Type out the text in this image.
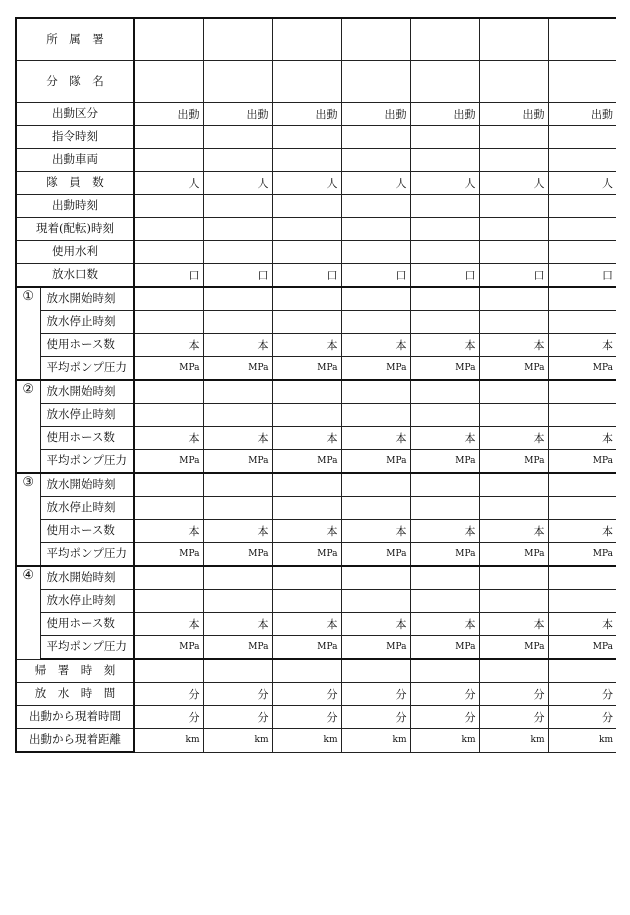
所　属　署								
分　隊　名								
出動区分		出動	出動	出動	出動	出動	出動	出動
指令時刻								
出動車両								
隊　員　数		人	人	人	人	人	人	人
出動時刻								
現着(配転)時刻								
使用水利								
放水口数		口	口	口	口	口	口	口
①	放水開始時刻							
	放水停止時刻							
	使用ホース数	本	本	本	本	本	本	本
	平均ポンプ圧力	MPa	MPa	MPa	MPa	MPa	MPa	MPa
②	放水開始時刻							
	放水停止時刻							
	使用ホース数	本	本	本	本	本	本	本
	平均ポンプ圧力	MPa	MPa	MPa	MPa	MPa	MPa	MPa
③	放水開始時刻							
	放水停止時刻							
	使用ホース数	本	本	本	本	本	本	本
	平均ポンプ圧力	MPa	MPa	MPa	MPa	MPa	MPa	MPa
④	放水開始時刻							
	放水停止時刻							
	使用ホース数	本	本	本	本	本	本	本
	平均ポンプ圧力	MPa	MPa	MPa	MPa	MPa	MPa	MPa
帰　署　時　刻								
放　水　時　間		分	分	分	分	分	分	分
出動から現着時間		分	分	分	分	分	分	分
出動から現着距離		km	km	km	km	km	km	km
